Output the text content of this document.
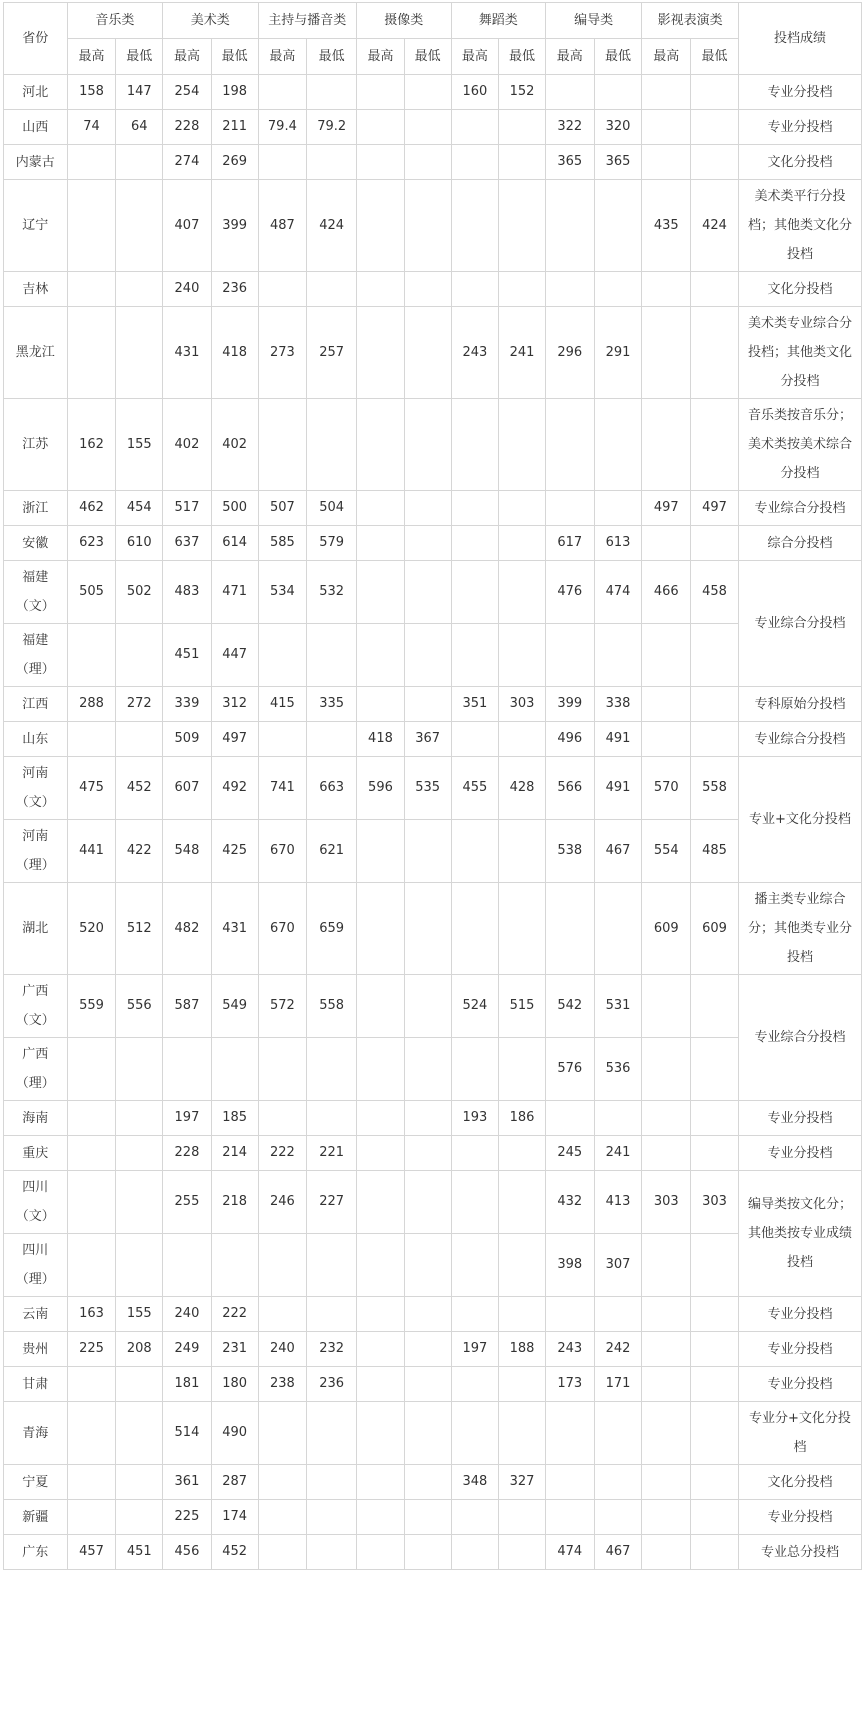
省份	音乐类		美术类		主持与播音类		摄像类		舞蹈类		编导类		影视表演类		投档成绩
	最高	最低	最高	最低	最高	最低	最高	最低	最高	最低	最高	最低	最高	最低	
河北	158	147	254	198					160	152					专业分投档
山西	74	64	228	211	79.4	79.2					322	320			专业分投档
内蒙古			274	269							365	365			文化分投档
辽宁			407	399	487	424							435	424	美术类平行分投档；其他类文化分投档
吉林			240	236											文化分投档
黑龙江			431	418	273	257			243	241	296	291			美术类专业综合分投档；其他类文化分投档
江苏	162	155	402	402											音乐类按音乐分；美术类按美术综合分投档
浙江	462	454	517	500	507	504							497	497	专业综合分投档
安徽	623	610	637	614	585	579					617	613			综合分投档
福建（文）	505	502	483	471	534	532					476	474	466	458	专业综合分投档
福建（理）			451	447											
江西	288	272	339	312	415	335			351	303	399	338			专科原始分投档
山东			509	497			418	367			496	491			专业综合分投档
河南（文）	475	452	607	492	741	663	596	535	455	428	566	491	570	558	专业+文化分投档
河南（理）	441	422	548	425	670	621					538	467	554	485	
湖北	520	512	482	431	670	659							609	609	播主类专业综合分；其他类专业分投档
广西（文）	559	556	587	549	572	558			524	515	542	531			专业综合分投档
广西（理）											576	536			
海南			197	185					193	186					专业分投档
重庆			228	214	222	221					245	241			专业分投档
四川（文）			255	218	246	227					432	413	303	303	编导类按文化分；其他类按专业成绩投档
四川（理）											398	307			
云南	163	155	240	222											专业分投档
贵州	225	208	249	231	240	232			197	188	243	242			专业分投档
甘肃			181	180	238	236					173	171			专业分投档
青海			514	490											专业分+文化分投档
宁夏			361	287					348	327					文化分投档
新疆			225	174											专业分投档
广东	457	451	456	452							474	467			专业总分投档
